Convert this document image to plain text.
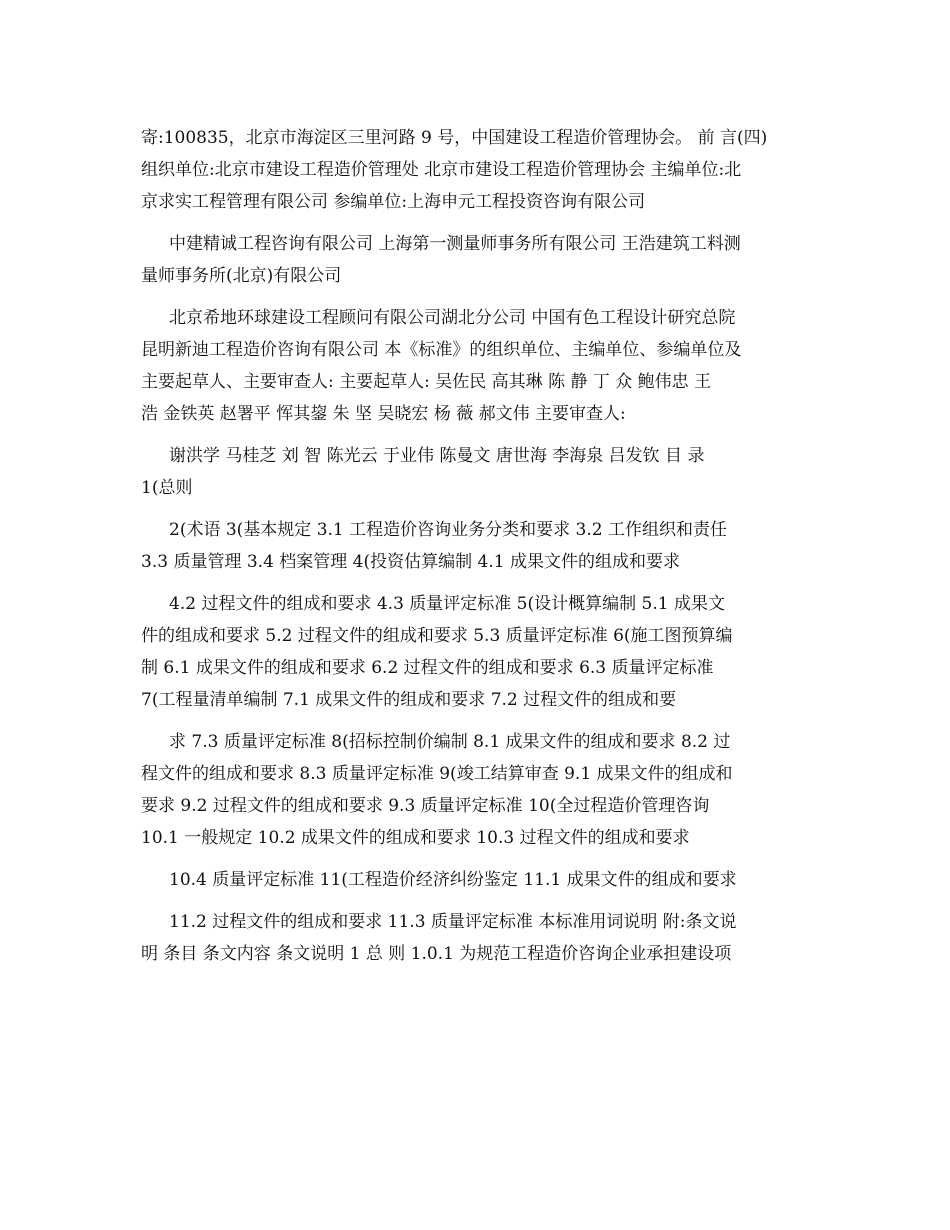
寄:100835，北京市海淀区三里河路 9 号，中国建设工程造价管理协会。 前 言(四)
组织单位:北京市建设工程造价管理处 北京市建设工程造价管理协会 主编单位:北
京求实工程管理有限公司 参编单位:上海申元工程投资咨询有限公司
中建精诚工程咨询有限公司 上海第一测量师事务所有限公司 王浩建筑工料测
量师事务所(北京)有限公司
北京希地环球建设工程顾问有限公司湖北分公司 中国有色工程设计研究总院
昆明新迪工程造价咨询有限公司 本《标准》的组织单位、主编单位、参编单位及
主要起草人、主要审查人: 主要起草人: 吴佐民 高其琳 陈 静 丁 众 鲍伟忠 王
浩 金铁英 赵署平 恽其鋆 朱 坚 吴晓宏 杨 薇 郝文伟 主要审查人:
谢洪学 马桂芝 刘 智 陈光云 于业伟 陈曼文 唐世海 李海泉 吕发钦 目 录
1(总则
2(术语 3(基本规定 3.1 工程造价咨询业务分类和要求 3.2 工作组织和责任
3.3 质量管理 3.4 档案管理 4(投资估算编制 4.1 成果文件的组成和要求
4.2 过程文件的组成和要求 4.3 质量评定标准 5(设计概算编制 5.1 成果文
件的组成和要求 5.2 过程文件的组成和要求 5.3 质量评定标准 6(施工图预算编
制 6.1 成果文件的组成和要求 6.2 过程文件的组成和要求 6.3 质量评定标准
7(工程量清单编制 7.1 成果文件的组成和要求 7.2 过程文件的组成和要
求 7.3 质量评定标准 8(招标控制价编制 8.1 成果文件的组成和要求 8.2 过
程文件的组成和要求 8.3 质量评定标准 9(竣工结算审查 9.1 成果文件的组成和
要求 9.2 过程文件的组成和要求 9.3 质量评定标准 10(全过程造价管理咨询
10.1 一般规定 10.2 成果文件的组成和要求 10.3 过程文件的组成和要求
10.4 质量评定标准 11(工程造价经济纠纷鉴定 11.1 成果文件的组成和要求
11.2 过程文件的组成和要求 11.3 质量评定标准 本标准用词说明 附:条文说
明 条目 条文内容 条文说明 1 总 则 1.0.1 为规范工程造价咨询企业承担建设项
